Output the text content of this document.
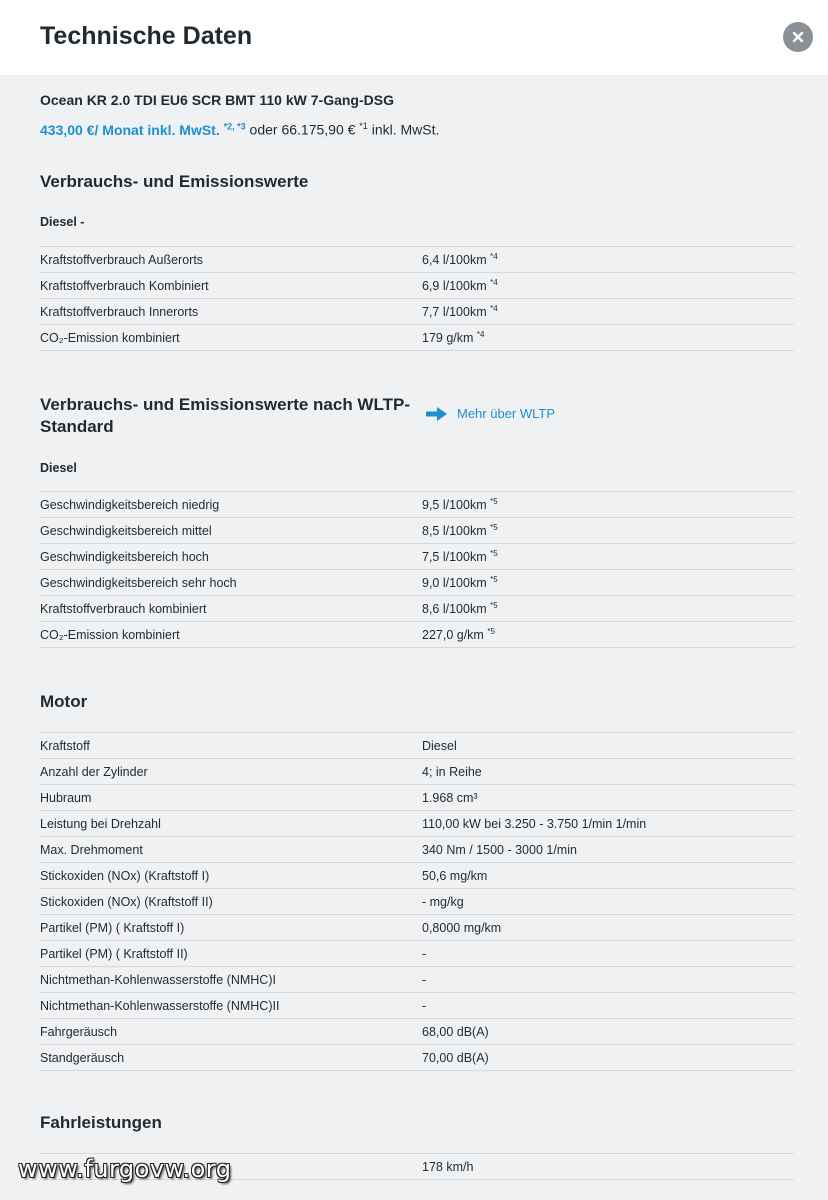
Technische Daten
Ocean KR 2.0 TDI EU6 SCR BMT 110 kW 7-Gang-DSG
433,00 €/ Monat inkl. MwSt. $^{*2, *3}$ oder 66.175,90 € $^{*1}$ inkl. MwSt.
Verbrauchs- und Emissionswerte
Diesel -
Kraftstoffverbrauch Außerorts	6,4 l/100km $^{*4}$
Kraftstoffverbrauch Kombiniert	6,9 l/100km $^{*4}$
Kraftstoffverbrauch Innerorts	7,7 l/100km $^{*4}$
CO₂-Emission kombiniert	179 g/km $^{*4}$
Verbrauchs- und Emissionswerte nach WLTP-Standard
Mehr über WLTP
Diesel
Geschwindigkeitsbereich niedrig	9,5 l/100km $^{*5}$
Geschwindigkeitsbereich mittel	8,5 l/100km $^{*5}$
Geschwindigkeitsbereich hoch	7,5 l/100km $^{*5}$
Geschwindigkeitsbereich sehr hoch	9,0 l/100km $^{*5}$
Kraftstoffverbrauch kombiniert	8,6 l/100km $^{*5}$
CO₂-Emission kombiniert	227,0 g/km $^{*5}$
Motor
Kraftstoff	Diesel
Anzahl der Zylinder	4; in Reihe
Hubraum	1.968 cm³
Leistung bei Drehzahl	110,00 kW bei 3.250 - 3.750 1/min 1/min
Max. Drehmoment	340 Nm / 1500 - 3000 1/min
Stickoxiden (NOx) (Kraftstoff I)	50,6 mg/km
Stickoxiden (NOx) (Kraftstoff II)	- mg/kg
Partikel (PM) ( Kraftstoff I)	0,8000 mg/km
Partikel (PM) ( Kraftstoff II)	-
Nichtmethan-Kohlenwasserstoffe (NMHC)I	-
Nichtmethan-Kohlenwasserstoffe (NMHC)II	-
Fahrgeräusch	68,00 dB(A)
Standgeräusch	70,00 dB(A)
Fahrleistungen
178 km/h
www.furgovw.org
